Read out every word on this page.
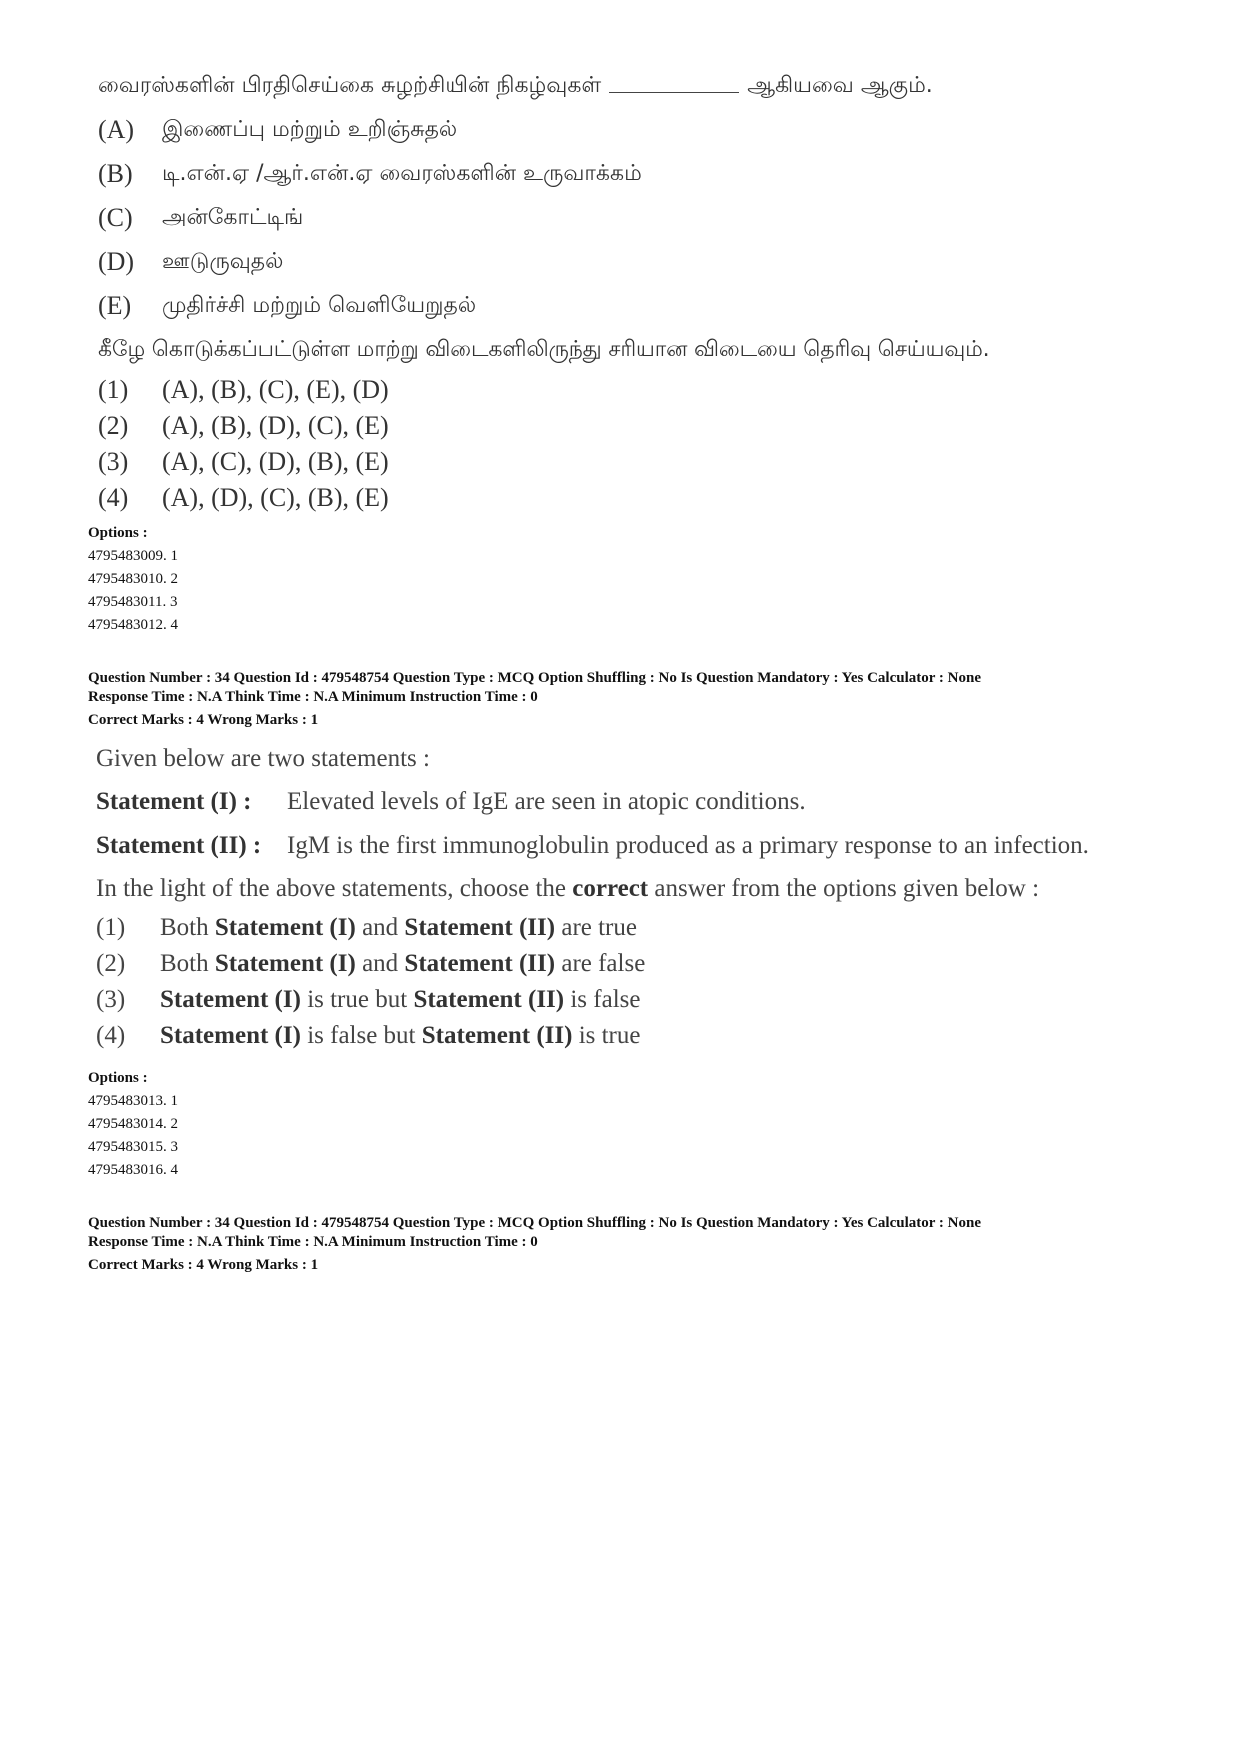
வைரஸ்களின் பிரதிசெய்கை சுழற்சியின் நிகழ்வுகள்	ஆகியவை ஆகும்.
(A) இணைப்பு மற்றும் உறிஞ்சுதல்
(B) டி.என்.ஏ /ஆர்.என்.ஏ வைரஸ்களின் உருவாக்கம்
(C) அன்கோட்டிங்
(D) ஊடுருவுதல்
(E) முதிர்ச்சி மற்றும் வெளியேறுதல்
கீழே கொடுக்கப்பட்டுள்ள மாற்று விடைகளிலிருந்து சரியான விடையை தெரிவு செய்யவும்.
(1) (A), (B), (C), (E), (D)
(2) (A), (B), (D), (C), (E)
(3) (A), (C), (D), (B), (E)
(4) (A), (D), (C), (B), (E)
Options :
4795483009. 1
4795483010. 2
4795483011. 3
4795483012. 4
Question Number : 34 Question Id : 479548754 Question Type : MCQ Option Shuffling : No Is Question Mandatory : Yes Calculator : None
Response Time : N.A Think Time : N.A Minimum Instruction Time : 0
Correct Marks : 4 Wrong Marks : 1
Given below are two statements :
Statement (I) : Elevated levels of IgE are seen in atopic conditions.
Statement (II) : IgM is the first immunoglobulin produced as a primary response to an infection.
In the light of the above statements, choose the correct answer from the options given below :
(1) Both Statement (I) and Statement (II) are true
(2) Both Statement (I) and Statement (II) are false
(3) Statement (I) is true but Statement (II) is false
(4) Statement (I) is false but Statement (II) is true
Options :
4795483013. 1
4795483014. 2
4795483015. 3
4795483016. 4
Question Number : 34 Question Id : 479548754 Question Type : MCQ Option Shuffling : No Is Question Mandatory : Yes Calculator : None
Response Time : N.A Think Time : N.A Minimum Instruction Time : 0
Correct Marks : 4 Wrong Marks : 1
